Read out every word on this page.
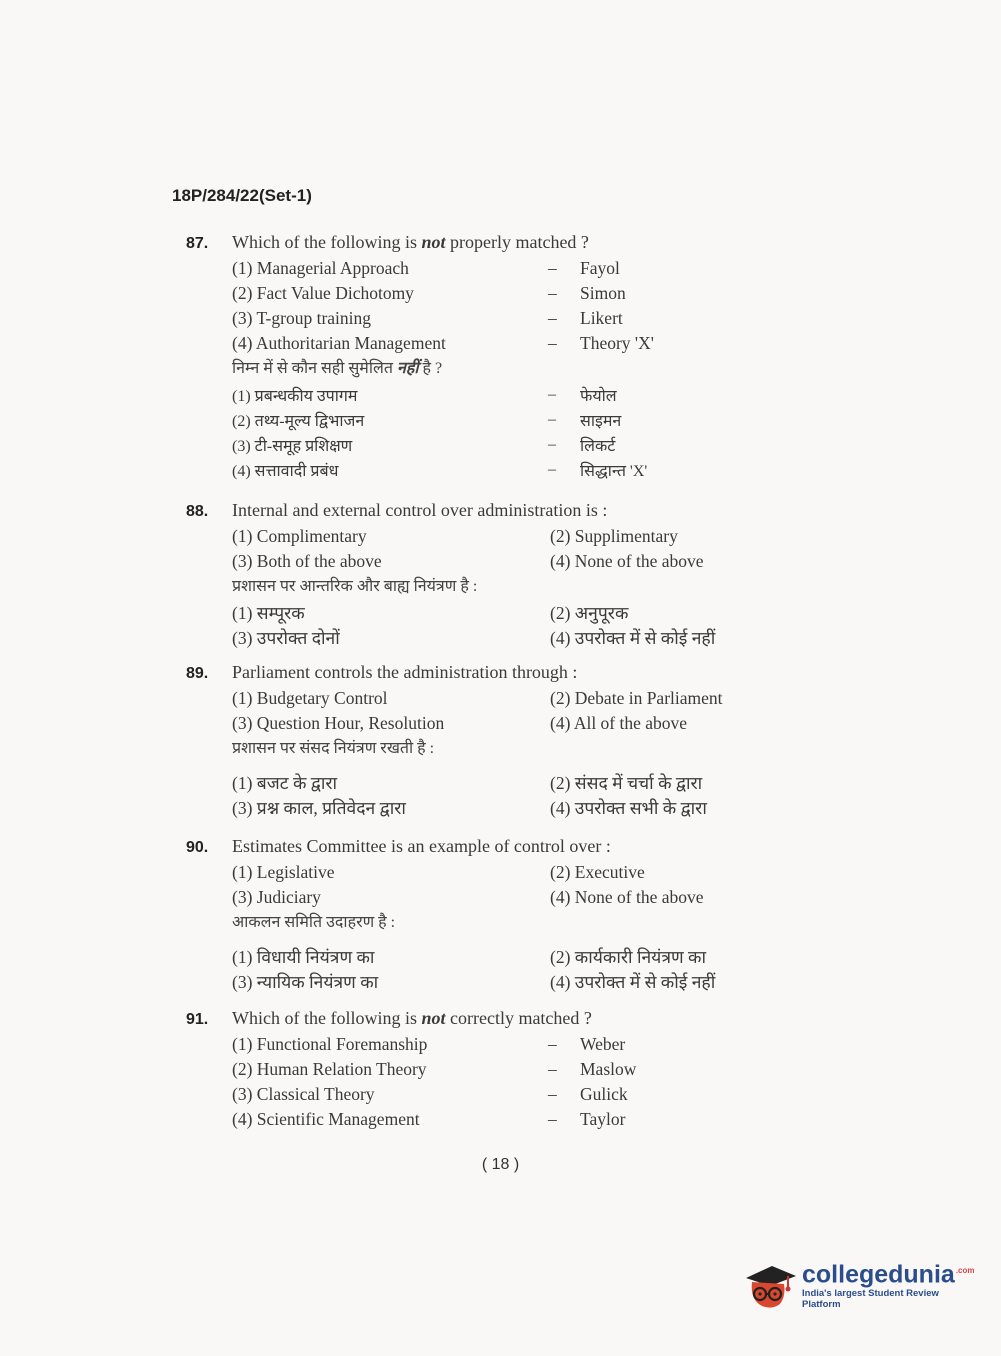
18P/284/22(Set-1)
87.	Which of the following is not properly matched ?
(1) Managerial Approach	–	Fayol
(2) Fact Value Dichotomy	–	Simon
(3) T-group training	–	Likert
(4) Authoritarian Management	–	Theory 'X'
निम्न में से कौन सही सुमेलित नहीं है ?
(1) प्रबन्धकीय उपागम	–	फेयोल
(2) तथ्य-मूल्य द्विभाजन	–	साइमन
(3) टी-समूह प्रशिक्षण	–	लिकर्ट
(4) सत्तावादी प्रबंध	–	सिद्धान्त 'X'
88.	Internal and external control over administration is :
(1) Complimentary	(2) Supplimentary
(3) Both of the above	(4) None of the above
प्रशासन पर आन्तरिक और बाह्य नियंत्रण है :
(1) सम्पूरक	(2) अनुपूरक
(3) उपरोक्त दोनों	(4) उपरोक्त में से कोई नहीं
89.	Parliament controls the administration through :
(1) Budgetary Control	(2) Debate in Parliament
(3) Question Hour, Resolution	(4) All of the above
प्रशासन पर संसद नियंत्रण रखती है :
(1) बजट के द्वारा	(2) संसद में चर्चा के द्वारा
(3) प्रश्न काल, प्रतिवेदन द्वारा	(4) उपरोक्त सभी के द्वारा
90.	Estimates Committee is an example of control over :
(1) Legislative	(2) Executive
(3) Judiciary	(4) None of the above
आकलन समिति उदाहरण है :
(1) विधायी नियंत्रण का	(2) कार्यकारी नियंत्रण का
(3) न्यायिक नियंत्रण का	(4) उपरोक्त में से कोई नहीं
91.	Which of the following is not correctly matched ?
(1) Functional Foremanship	–	Weber
(2) Human Relation Theory	–	Maslow
(3) Classical Theory	–	Gulick
(4) Scientific Management	–	Taylor
( 18 )
collegedunia$^{.com}$
India's largest Student Review Platform
